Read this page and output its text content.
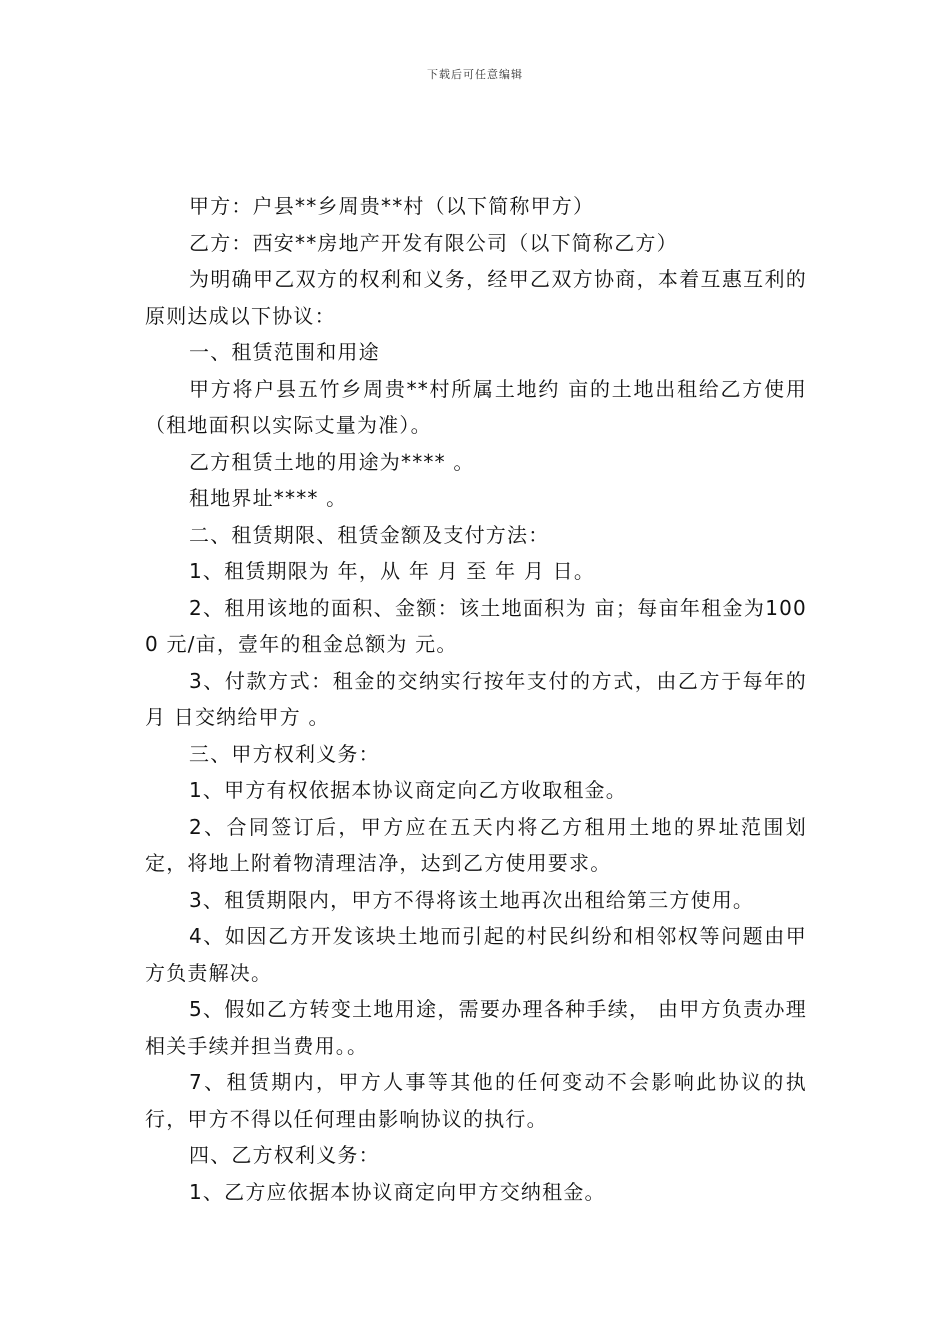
下载后可任意编辑

甲方：户县**乡周贵**村（以下简称甲方）

乙方：西安**房地产开发有限公司（以下简称乙方）

为明确甲乙双方的权利和义务，经甲乙双方协商，本着互惠互利的原则达成以下协议：

一、租赁范围和用途

甲方将户县五竹乡周贵**村所属土地约 亩的土地出租给乙方使用（租地面积以实际丈量为准）。

乙方租赁土地的用途为**** 。

租地界址**** 。

二、租赁期限、租赁金额及支付方法：

1、租赁期限为 年，从 年 月 至 年 月 日。

2、租用该地的面积、金额：该土地面积为 亩；每亩年租金为1000 元/亩，壹年的租金总额为 元。

3、付款方式：租金的交纳实行按年支付的方式，由乙方于每年的 月 日交纳给甲方 。

三、甲方权利义务：

1、甲方有权依据本协议商定向乙方收取租金。

2、合同签订后，甲方应在五天内将乙方租用土地的界址范围划定，将地上附着物清理洁净，达到乙方使用要求。

3、租赁期限内，甲方不得将该土地再次出租给第三方使用。

4、如因乙方开发该块土地而引起的村民纠纷和相邻权等问题由甲方负责解决。

5、假如乙方转变土地用途，需要办理各种手续， 由甲方负责办理相关手续并担当费用。。

7、租赁期内，甲方人事等其他的任何变动不会影响此协议的执行，甲方不得以任何理由影响协议的执行。

四、乙方权利义务：

1、乙方应依据本协议商定向甲方交纳租金。
